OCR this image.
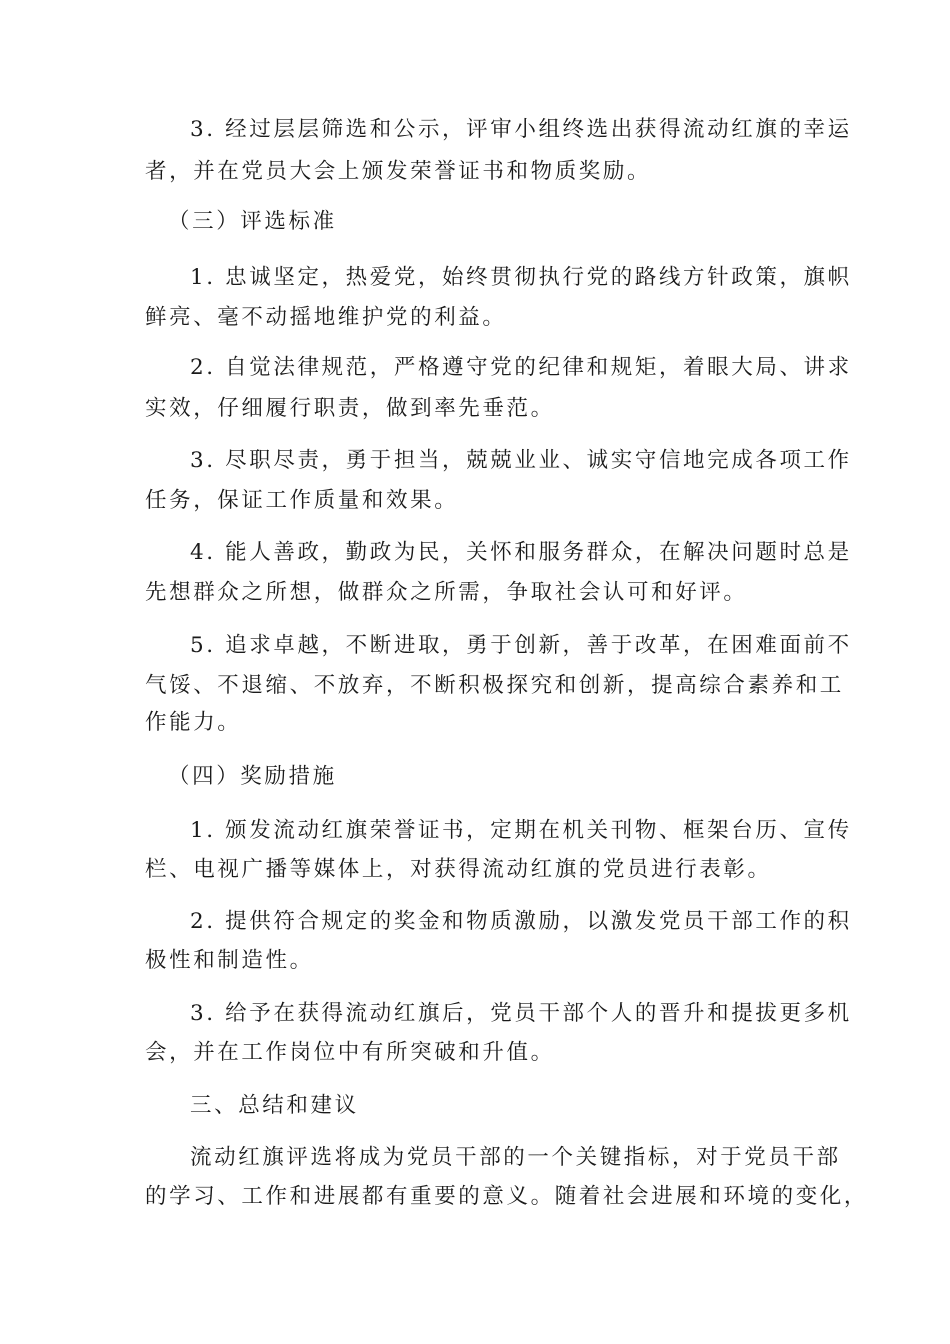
3. 经过层层筛选和公示，评审小组终选出获得流动红旗的幸运
者，并在党员大会上颁发荣誉证书和物质奖励。
（三）评选标准
1. 忠诚坚定，热爱党，始终贯彻执行党的路线方针政策，旗帜
鲜亮、毫不动摇地维护党的利益。
2. 自觉法律规范，严格遵守党的纪律和规矩，着眼大局、讲求
实效，仔细履行职责，做到率先垂范。
3. 尽职尽责，勇于担当，兢兢业业、诚实守信地完成各项工作
任务，保证工作质量和效果。
4. 能人善政，勤政为民，关怀和服务群众，在解决问题时总是
先想群众之所想，做群众之所需，争取社会认可和好评。
5. 追求卓越，不断进取，勇于创新，善于改革，在困难面前不
气馁、不退缩、不放弃，不断积极探究和创新，提高综合素养和工
作能力。
（四）奖励措施
1. 颁发流动红旗荣誉证书，定期在机关刊物、框架台历、宣传
栏、电视广播等媒体上，对获得流动红旗的党员进行表彰。
2. 提供符合规定的奖金和物质激励，以激发党员干部工作的积
极性和制造性。
3. 给予在获得流动红旗后，党员干部个人的晋升和提拔更多机
会，并在工作岗位中有所突破和升值。
三、总结和建议
流动红旗评选将成为党员干部的一个关键指标，对于党员干部
的学习、工作和进展都有重要的意义。随着社会进展和环境的变化，
